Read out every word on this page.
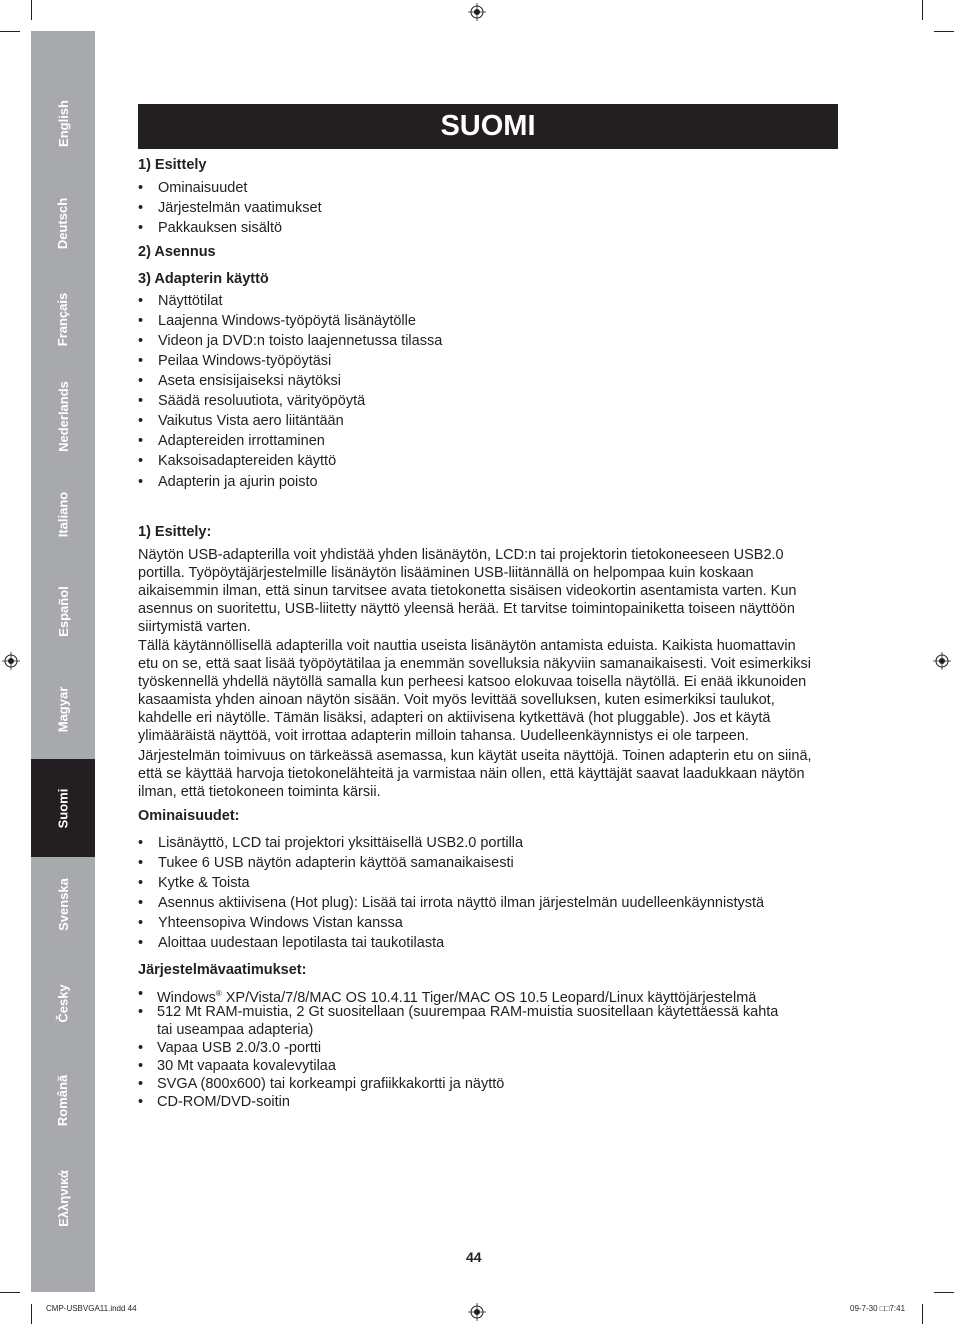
English
Deutsch
Français
Nederlands
Italiano
Español
Magyar
Suomi
Svenska
Česky
Română
Ελληνικά
SUOMI
1) Esittely
• Ominaisuudet
• Järjestelmän vaatimukset
• Pakkauksen sisältö
2) Asennus
3) Adapterin käyttö
• Näyttötilat
• Laajenna Windows-työpöytä lisänäytölle
• Videon ja DVD:n toisto laajennetussa tilassa
• Peilaa Windows-työpöytäsi
• Aseta ensisijaiseksi näytöksi
• Säädä resoluutiota, värityöpöytä
• Vaikutus Vista aero liitäntään
• Adaptereiden irrottaminen
• Kaksoisadaptereiden käyttö
• Adapterin ja ajurin poisto
1) Esittely:
Näytön USB-adapterilla voit yhdistää yhden lisänäytön, LCD:n tai projektorin tietokoneeseen USB2.0
portilla. Työpöytäjärjestelmille lisänäytön lisääminen USB-liitännällä on helpompaa kuin koskaan
aikaisemmin ilman, että sinun tarvitsee avata tietokonetta sisäisen videokortin asentamista varten. Kun
asennus on suoritettu, USB-liitetty näyttö yleensä herää. Et tarvitse toimintopainiketta toiseen näyttöön
siirtymistä varten.
Tällä käytännöllisellä adapterilla voit nauttia useista lisänäytön antamista eduista. Kaikista huomattavin
etu on se, että saat lisää työpöytätilaa ja enemmän sovelluksia näkyviin samanaikaisesti. Voit esimerkiksi
työskennellä yhdellä näytöllä samalla kun perheesi katsoo elokuvaa toisella näytöllä. Ei enää ikkunoiden
kasaamista yhden ainoan näytön sisään. Voit myös levittää sovelluksen, kuten esimerkiksi taulukot,
kahdelle eri näytölle. Tämän lisäksi, adapteri on aktiivisena kytkettävä (hot pluggable). Jos et käytä
ylimääräistä näyttöä, voit irrottaa adapterin milloin tahansa. Uudelleenkäynnistys ei ole tarpeen.
Järjestelmän toimivuus on tärkeässä asemassa, kun käytät useita näyttöjä. Toinen adapterin etu on siinä,
että se käyttää harvoja tietokonelähteitä ja varmistaa näin ollen, että käyttäjät saavat laadukkaan näytön
ilman, että tietokoneen toiminta kärsii.
Ominaisuudet:
• Lisänäyttö, LCD tai projektori yksittäisellä USB2.0 portilla
• Tukee 6 USB näytön adapterin käyttöä samanaikaisesti
• Kytke & Toista
• Asennus aktiivisena (Hot plug): Lisää tai irrota näyttö ilman järjestelmän uudelleenkäynnistystä
• Yhteensopiva Windows Vistan kanssa
• Aloittaa uudestaan lepotilasta tai taukotilasta
Järjestelmävaatimukset:
• Windows® XP/Vista/7/8/MAC OS 10.4.11 Tiger/MAC OS 10.5 Leopard/Linux käyttöjärjestelmä
• 512 Mt RAM-muistia, 2 Gt suositellaan (suurempaa RAM-muistia suositellaan käytettäessä kahta
tai useampaa adapteria)
• Vapaa USB 2.0/3.0 -portti
• 30 Mt vapaata kovalevytilaa
• SVGA (800x600) tai korkeampi grafiikkakortti ja näyttö
• CD-ROM/DVD-soitin
44
CMP-USBVGA11.indd 44	09-7-30 □□7:41
